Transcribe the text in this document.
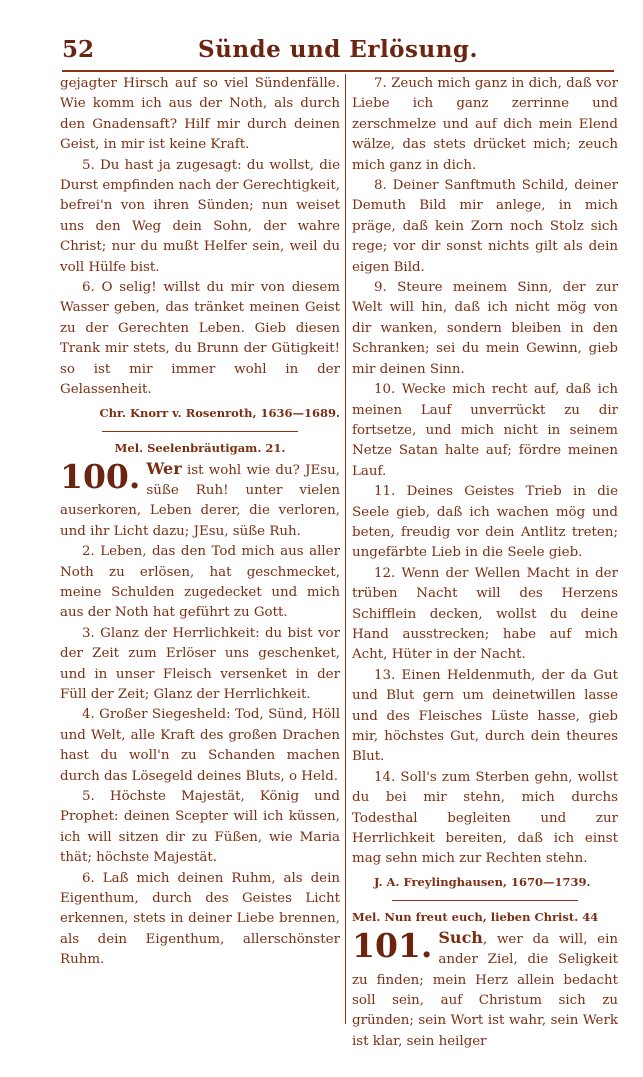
52	Sünde und Erlösung.

gejagter Hirsch auf so viel Sündenfälle. Wie komm ich aus der Noth, als durch den Gnadensaft? Hilf mir durch deinen Geist, in mir ist keine Kraft.

5. Du hast ja zugesagt: du wollst, die Durst empfinden nach der Gerechtigkeit, befrei'n von ihren Sünden; nun weiset uns den Weg dein Sohn, der wahre Christ; nur du mußt Helfer sein, weil du voll Hülfe bist.

6. O selig! willst du mir von diesem Wasser geben, das tränket meinen Geist zu der Gerechten Leben. Gieb diesen Trank mir stets, du Brunn der Gütigkeit! so ist mir immer wohl in der Gelassenheit.

Chr. Knorr v. Rosenroth, 1636—1689.

Mel. Seelenbräutigam. 21.

100. Wer ist wohl wie du? JEsu, süße Ruh! unter vielen auserkoren, Leben derer, die verloren, und ihr Licht dazu; JEsu, süße Ruh.

2. Leben, das den Tod mich aus aller Noth zu erlösen, hat geschmecket, meine Schulden zugedecket und mich aus der Noth hat geführt zu Gott.

3. Glanz der Herrlichkeit: du bist vor der Zeit zum Erlöser uns geschenket, und in unser Fleisch versenket in der Füll der Zeit; Glanz der Herrlichkeit.

4. Großer Siegesheld: Tod, Sünd, Höll und Welt, alle Kraft des großen Drachen hast du woll'n zu Schanden machen durch das Lösegeld deines Bluts, o Held.

5. Höchste Majestät, König und Prophet: deinen Scepter will ich küssen, ich will sitzen dir zu Füßen, wie Maria thät; höchste Majestät.

6. Laß mich deinen Ruhm, als dein Eigenthum, durch des Geistes Licht erkennen, stets in deiner Liebe brennen, als dein Eigenthum, allerschönster Ruhm.

7. Zeuch mich ganz in dich, daß vor Liebe ich ganz zerrinne und zerschmelze und auf dich mein Elend wälze, das stets drücket mich; zeuch mich ganz in dich.

8. Deiner Sanftmuth Schild, deiner Demuth Bild mir anlege, in mich präge, daß kein Zorn noch Stolz sich rege; vor dir sonst nichts gilt als dein eigen Bild.

9. Steure meinem Sinn, der zur Welt will hin, daß ich nicht mög von dir wanken, sondern bleiben in den Schranken; sei du mein Gewinn, gieb mir deinen Sinn.

10. Wecke mich recht auf, daß ich meinen Lauf unverrückt zu dir fortsetze, und mich nicht in seinem Netze Satan halte auf; fördre meinen Lauf.

11. Deines Geistes Trieb in die Seele gieb, daß ich wachen mög und beten, freudig vor dein Antlitz treten; ungefärbte Lieb in die Seele gieb.

12. Wenn der Wellen Macht in der trüben Nacht will des Herzens Schifflein decken, wollst du deine Hand ausstrecken; habe auf mich Acht, Hüter in der Nacht.

13. Einen Heldenmuth, der da Gut und Blut gern um deinetwillen lasse und des Fleisches Lüste hasse, gieb mir, höchstes Gut, durch dein theures Blut.

14. Soll's zum Sterben gehn, wollst du bei mir stehn, mich durchs Todesthal begleiten und zur Herrlichkeit bereiten, daß ich einst mag sehn mich zur Rechten stehn.

J. A. Freylinghausen, 1670—1739.

Mel. Nun freut euch, lieben Christ. 44

101. Such, wer da will, ein ander Ziel, die Seligkeit zu finden; mein Herz allein bedacht soll sein, auf Christum sich zu gründen; sein Wort ist wahr, sein Werk ist klar, sein heilger
